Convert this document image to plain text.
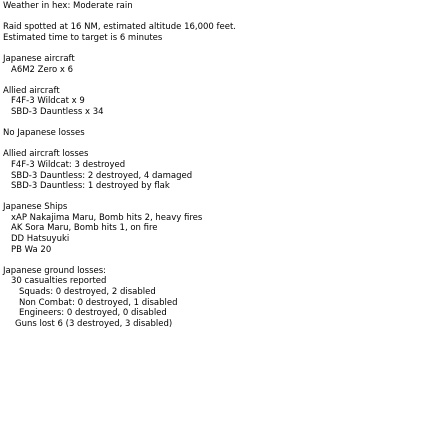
Weather in hex: Moderate rain
Raid spotted at 16 NM, estimated altitude 16,000 feet.
Estimated time to target is 6 minutes
Japanese aircraft
A6M2 Zero x 6
Allied aircraft
F4F-3 Wildcat x 9
SBD-3 Dauntless x 34
No Japanese losses
Allied aircraft losses
F4F-3 Wildcat: 3 destroyed
SBD-3 Dauntless: 2 destroyed, 4 damaged
SBD-3 Dauntless: 1 destroyed by flak
Japanese Ships
xAP Nakajima Maru, Bomb hits 2, heavy fires
AK Sora Maru, Bomb hits 1, on fire
DD Hatsuyuki
PB Wa 20
Japanese ground losses:
30 casualties reported
Squads: 0 destroyed, 2 disabled
Non Combat: 0 destroyed, 1 disabled
Engineers: 0 destroyed, 0 disabled
Guns lost 6 (3 destroyed, 3 disabled)
